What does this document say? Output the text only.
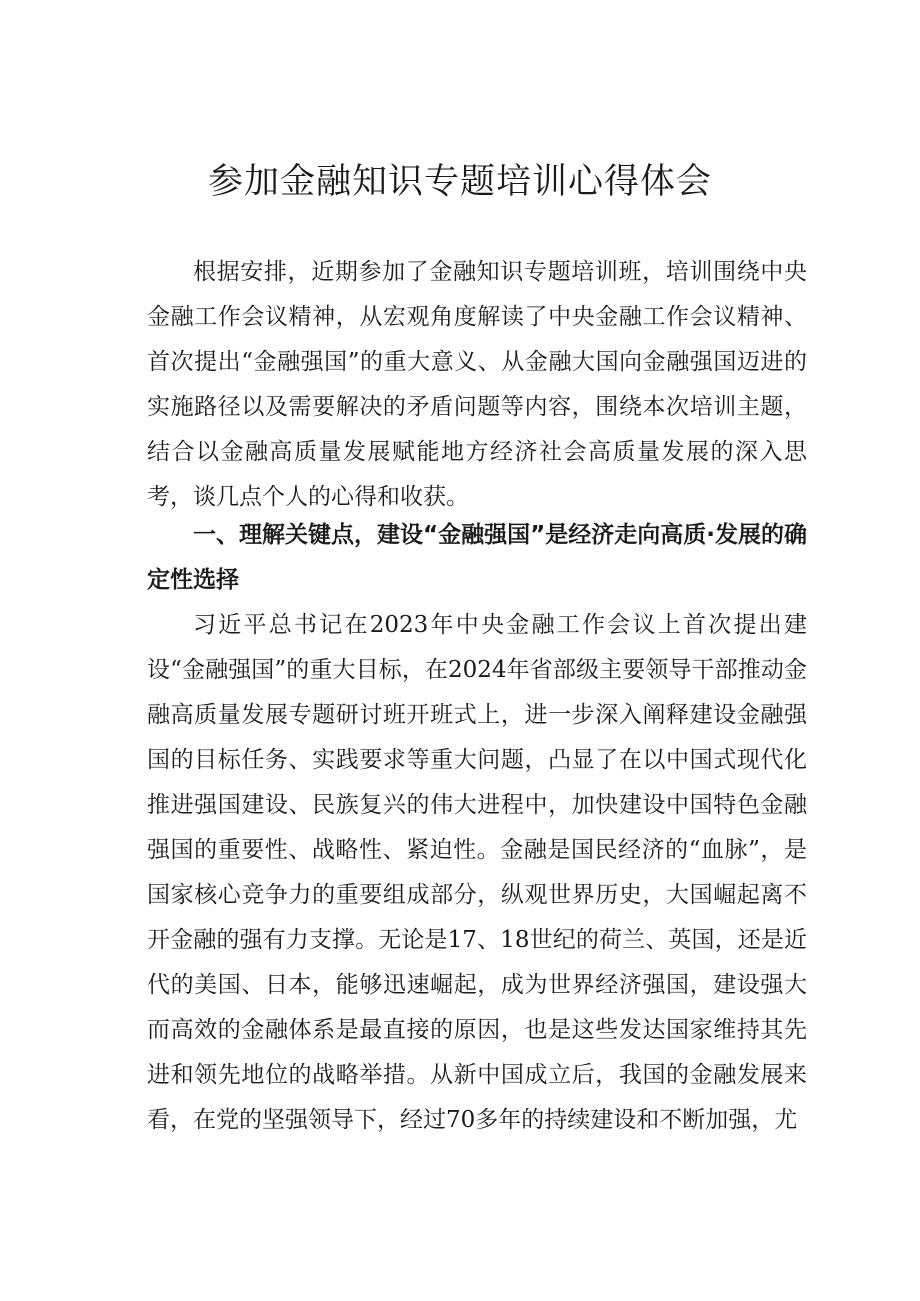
参加金融知识专题培训心得体会

根据安排，近期参加了金融知识专题培训班，培训围绕中央金融工作会议精神，从宏观角度解读了中央金融工作会议精神、首次提出“金融强国”的重大意义、从金融大国向金融强国迈进的实施路径以及需要解决的矛盾问题等内容，围绕本次培训主题，结合以金融高质量发展赋能地方经济社会高质量发展的深入思考，谈几点个人的心得和收获。

一、理解关键点，建设“金融强国”是经济走向高质·发展的确定性选择

习近平总书记在2023年中央金融工作会议上首次提出建设“金融强国”的重大目标，在2024年省部级主要领导干部推动金融高质量发展专题研讨班开班式上，进一步深入阐释建设金融强国的目标任务、实践要求等重大问题，凸显了在以中国式现代化推进强国建设、民族复兴的伟大进程中，加快建设中国特色金融强国的重要性、战略性、紧迫性。金融是国民经济的“血脉”，是国家核心竞争力的重要组成部分，纵观世界历史，大国崛起离不开金融的强有力支撑。无论是17、18世纪的荷兰、英国，还是近代的美国、日本，能够迅速崛起，成为世界经济强国，建设强大而高效的金融体系是最直接的原因，也是这些发达国家维持其先进和领先地位的战略举措。从新中国成立后，我国的金融发展来看，在党的坚强领导下，经过70多年的持续建设和不断加强，尤
